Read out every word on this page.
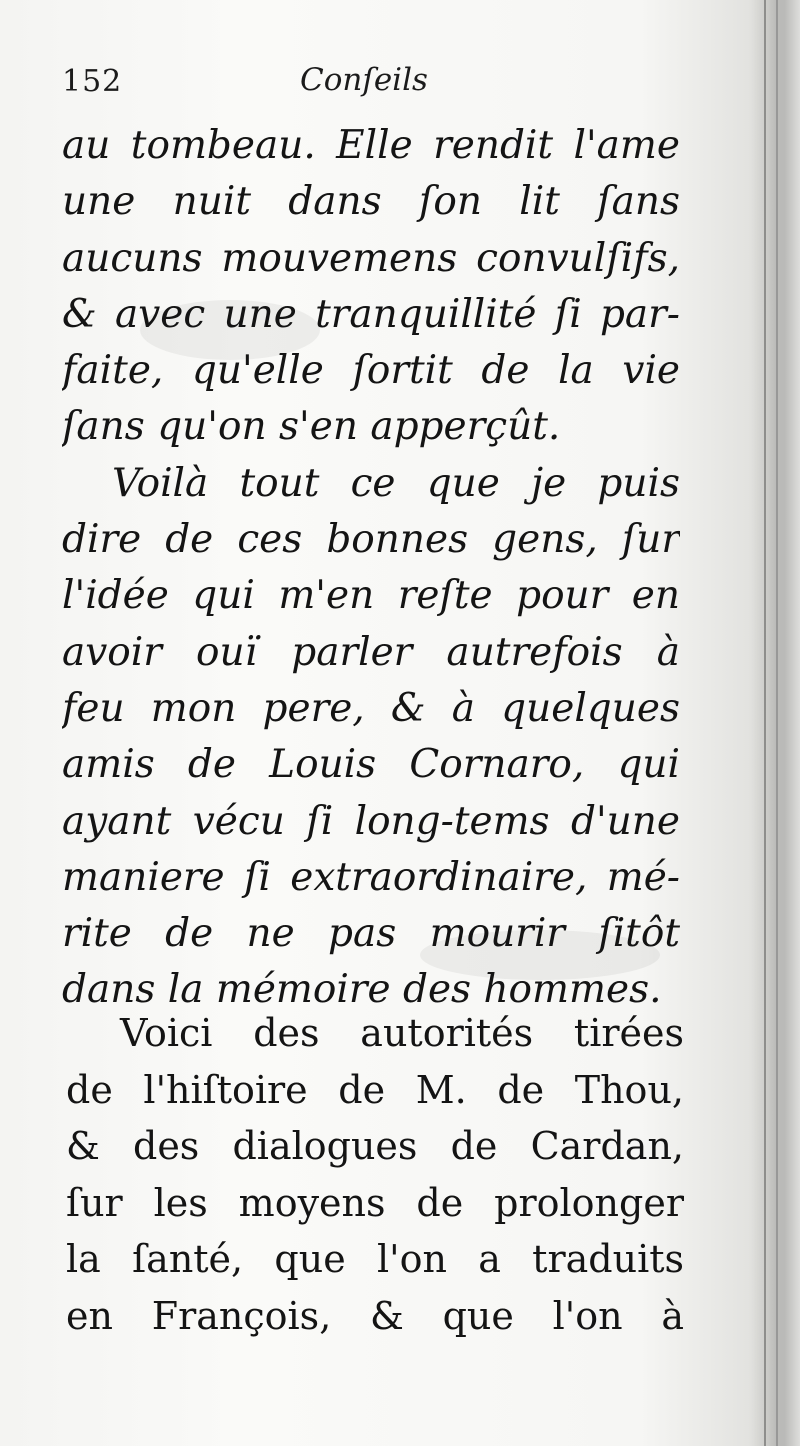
152	Conſeils
au tombeau. Elle rendit l'ame
une nuit dans ſon lit ſans
aucuns mouvemens convulſifs,
& avec une tranquillité ſi par-
faite, qu'elle ſortit de la vie
ſans qu'on s'en apperçût.
Voilà tout ce que je puis
dire de ces bonnes gens, ſur
l'idée qui m'en reſte pour en
avoir ouï parler autrefois à
feu mon pere, & à quelques
amis de Louis Cornaro, qui
ayant vécu ſi long-tems d'une
maniere ſi extraordinaire, mé-
rite de ne pas mourir ſitôt
dans la mémoire des hommes.
Voici des autorités tirées
de l'hiſtoire de M. de Thou,
& des dialogues de Cardan,
ſur les moyens de prolonger
la ſanté, que l'on a traduits
en François, & que l'on à
